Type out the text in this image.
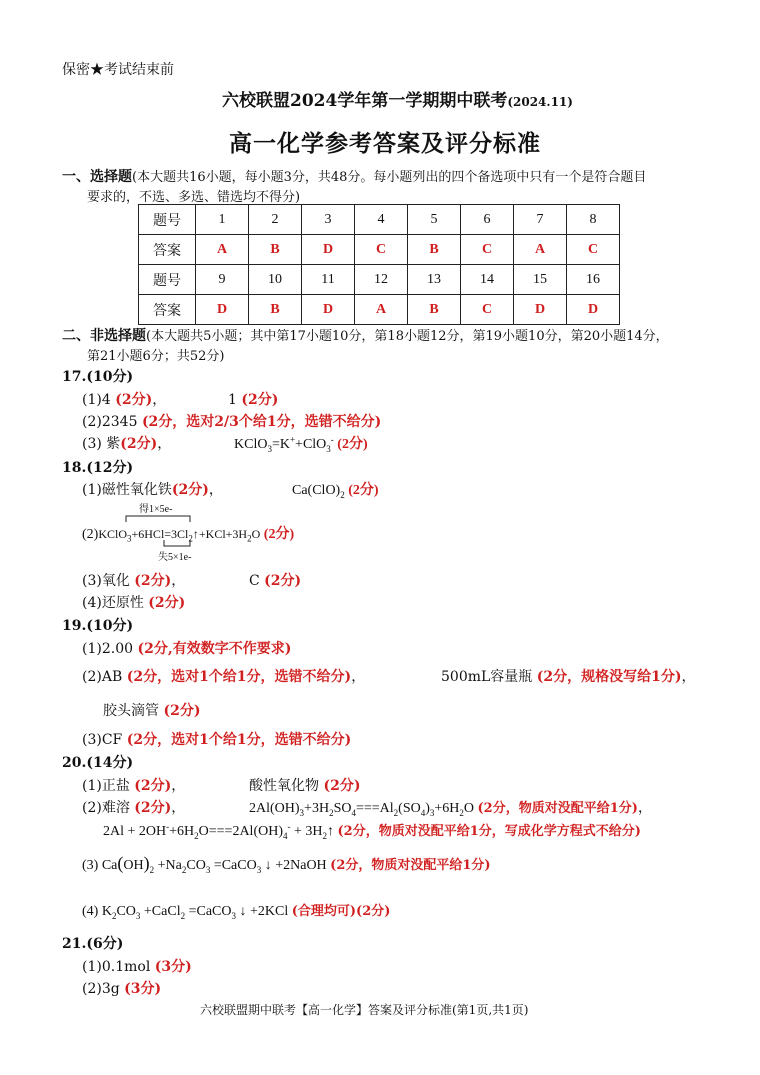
保密★考试结束前
六校联盟2024学年第一学期期中联考(2024.11)
高一化学参考答案及评分标准
一、选择题(本大题共16小题，每小题3分，共48分。每小题列出的四个备选项中只有一个是符合题目
要求的，不选、多选、错选均不得分)
题号	1	2	3	4	5	6	7	8
答案	A	B	D	C	B	C	A	C
题号	9	10	11	12	13	14	15	16
答案	D	B	D	A	B	C	D	D
二、非选择题(本大题共5小题；其中第17小题10分，第18小题12分，第19小题10分，第20小题14分，
第21小题6分；共52分)
17.(10分)
(1)4 (2分)，	1 (2分)
(2)2345 (2分，选对2/3个给1分，选错不给分)
(3) 紫(2分)，	KClO$_3$=K++ClO$_3$- (2分)
18.(12分)
(1)磁性氧化铁(2分)，	$Ca(ClO)_2$ (2分)
得1×5e-
$(2)KClO_3+6HCl=3Cl_2↑+KCl+3H_2O$ (2分)
失5×1e-
(3)氧化 (2分)，	C (2分)
(4)还原性 (2分)
19.(10分)
(1)2.00 (2分,有效数字不作要求)
(2)AB (2分，选对1个给1分，选错不给分)，	500mL容量瓶 (2分，规格没写给1分)，
胶头滴管 (2分)
(3)CF (2分，选对1个给1分，选错不给分)
20.(14分)
(1)正盐 (2分)，	酸性氧化物 (2分)
(2)难溶 (2分)，	$2Al(OH)_3+3H_2SO_4===Al_2(SO_4)_3+6H_2O$ (2分，物质对没配平给1分)，
$2Al + 2OH^-+6H_2O===2Al(OH)_4^-$ + $3H_2↑$ (2分，物质对没配平给1分，写成化学方程式不给分)
(3) $Ca(OH)_2 +Na_2CO_3$ =CaCO$_3$ ↓ +2NaOH (2分，物质对没配平给1分)
(4) $K_2CO_3$ +CaCl$_2$ =CaCO$_3$ ↓ +2KCl (合理均可)(2分)
21.(6分)
(1)0.1mol (3分)
(2)3g (3分)
六校联盟期中联考【高一化学】答案及评分标准(第1页,共1页)
